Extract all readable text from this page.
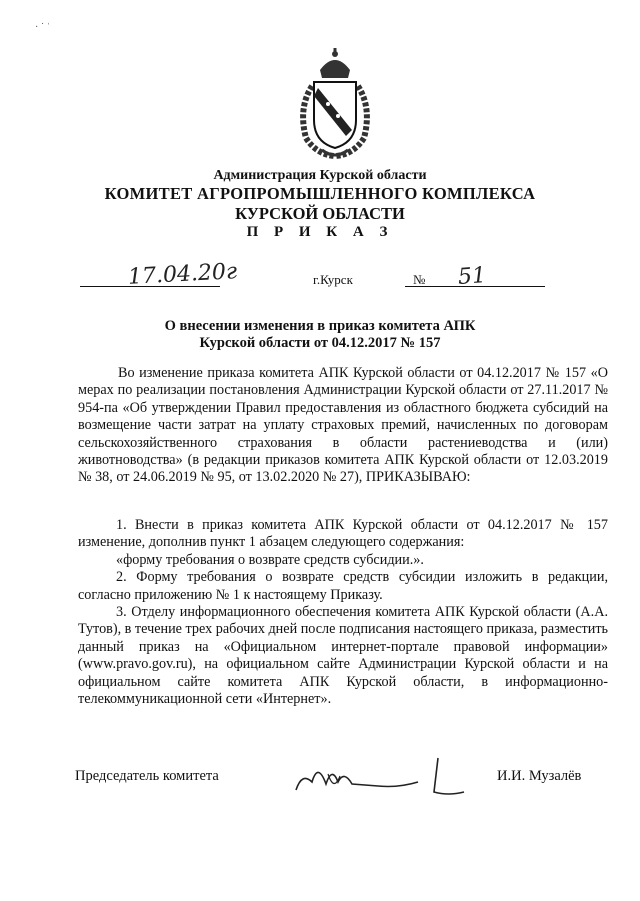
· ˙ ˈ
Администрация Курской области
КОМИТЕТ АГРОПРОМЫШЛЕННОГО КОМПЛЕКСА
КУРСКОЙ ОБЛАСТИ
П Р И К А З
17.04.20г	г.Курск	№ 51
О внесении изменения в приказ комитета АПК
Курской области от 04.12.2017 № 157

Во изменение приказа комитета АПК Курской области от 04.12.2017 № 157 «О мерах по реализации постановления Администрации Курской области от 27.11.2017 № 954-па «Об утверждении Правил предоставления из областного бюджета субсидий на возмещение части затрат на уплату страховых премий, начисленных по договорам сельскохозяйственного страхования в области растениеводства и (или) животноводства» (в редакции приказов комитета АПК Курской области от 12.03.2019 № 38, от 24.06.2019 № 95, от 13.02.2020 № 27), ПРИКАЗЫВАЮ:

1. Внести в приказ комитета АПК Курской области от 04.12.2017 № 157 изменение, дополнив пункт 1 абзацем следующего содержания:

«форму требования о возврате средств субсидии.».

2. Форму требования о возврате средств субсидии изложить в редакции, согласно приложению № 1 к настоящему Приказу.

3. Отделу информационного обеспечения комитета АПК Курской области (А.А. Тутов), в течение трех рабочих дней после подписания настоящего приказа, разместить данный приказ на «Официальном интернет-портале правовой информации» (www.pravo.gov.ru), на официальном сайте Администрации Курской области и на официальном сайте комитета АПК Курской области, в информационно-телекоммуникационной сети «Интернет».

Председатель комитета	И.И. Музалёв
